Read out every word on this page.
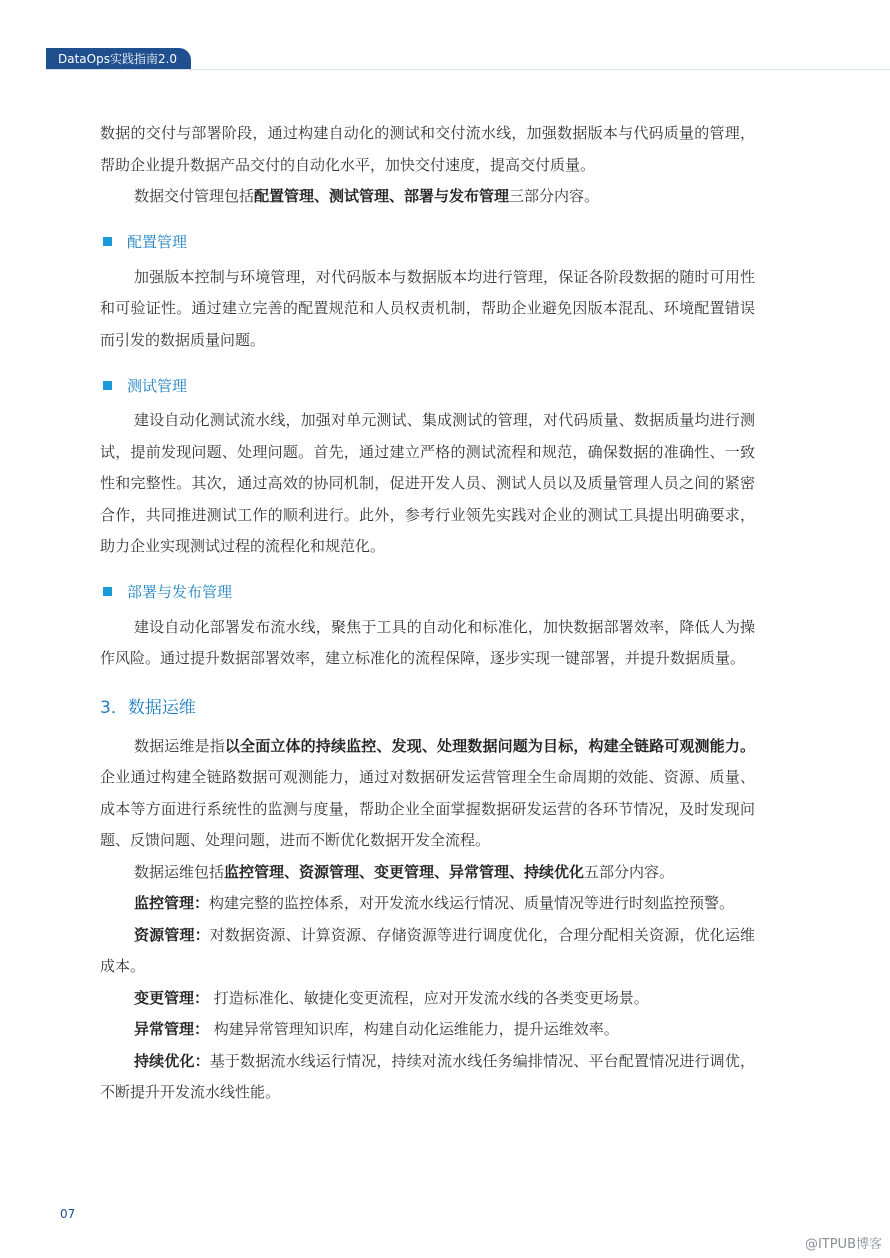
DataOps实践指南2.0

数据的交付与部署阶段，通过构建自动化的测试和交付流水线，加强数据版本与代码质量的管理，帮助企业提升数据产品交付的自动化水平，加快交付速度，提高交付质量。

数据交付管理包括配置管理、测试管理、部署与发布管理三部分内容。

配置管理

加强版本控制与环境管理，对代码版本与数据版本均进行管理，保证各阶段数据的随时可用性和可验证性。通过建立完善的配置规范和人员权责机制，帮助企业避免因版本混乱、环境配置错误而引发的数据质量问题。

测试管理

建设自动化测试流水线，加强对单元测试、集成测试的管理，对代码质量、数据质量均进行测试，提前发现问题、处理问题。首先，通过建立严格的测试流程和规范，确保数据的准确性、一致性和完整性。其次，通过高效的协同机制，促进开发人员、测试人员以及质量管理人员之间的紧密合作，共同推进测试工作的顺利进行。此外，参考行业领先实践对企业的测试工具提出明确要求，助力企业实现测试过程的流程化和规范化。

部署与发布管理

建设自动化部署发布流水线，聚焦于工具的自动化和标准化，加快数据部署效率，降低人为操作风险。通过提升数据部署效率，建立标准化的流程保障，逐步实现一键部署，并提升数据质量。

3．数据运维

数据运维是指以全面立体的持续监控、发现、处理数据问题为目标，构建全链路可观测能力。企业通过构建全链路数据可观测能力，通过对数据研发运营管理全生命周期的效能、资源、质量、成本等方面进行系统性的监测与度量，帮助企业全面掌握数据研发运营的各环节情况，及时发现问题、反馈问题、处理问题，进而不断优化数据开发全流程。

数据运维包括监控管理、资源管理、变更管理、异常管理、持续优化五部分内容。

监控管理：构建完整的监控体系，对开发流水线运行情况、质量情况等进行时刻监控预警。

资源管理：对数据资源、计算资源、存储资源等进行调度优化，合理分配相关资源，优化运维成本。

变更管理： 打造标准化、敏捷化变更流程，应对开发流水线的各类变更场景。

异常管理： 构建异常管理知识库，构建自动化运维能力，提升运维效率。

持续优化：基于数据流水线运行情况，持续对流水线任务编排情况、平台配置情况进行调优，不断提升开发流水线性能。

07
@ITPUB博客
